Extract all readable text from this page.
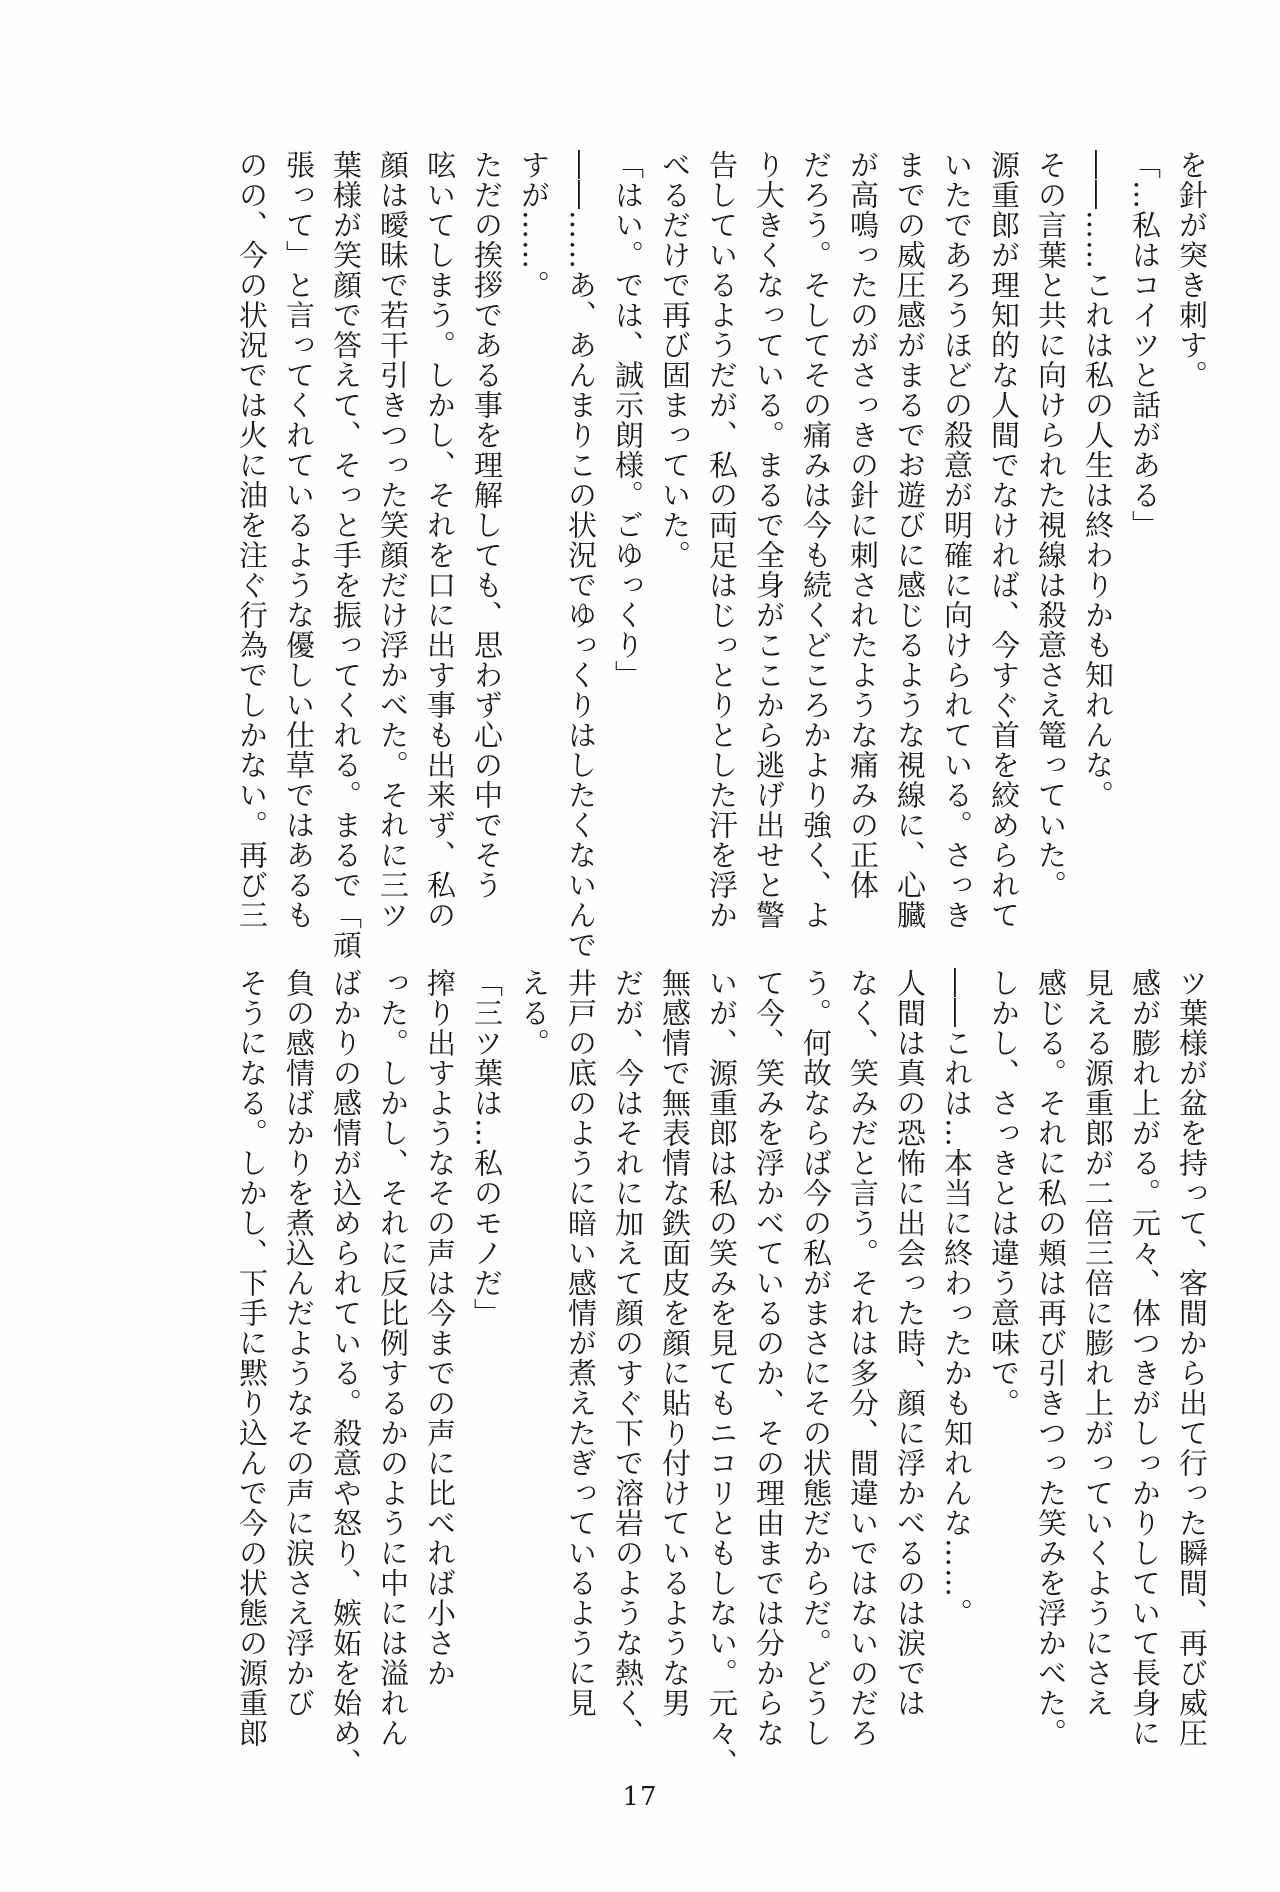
を針が突き刺す。
「…私はコイツと話がある」
――……これは私の人生は終わりかも知れんな。
その言葉と共に向けられた視線は殺意さえ篭っていた。
源重郎が理知的な人間でなければ、今すぐ首を絞められて
いたであろうほどの殺意が明確に向けられている。さっき
までの威圧感がまるでお遊びに感じるような視線に、心臓
が高鳴ったのがさっきの針に刺されたような痛みの正体
だろう。そしてその痛みは今も続くどころかより強く、よ
り大きくなっている。まるで全身がここから逃げ出せと警
告しているようだが、私の両足はじっとりとした汗を浮か
べるだけで再び固まっていた。
「はい。では、誠示朗様。ごゆっくり」
――……あ、あんまりこの状況でゆっくりはしたくないんで
すが……。
ただの挨拶である事を理解しても、思わず心の中でそう
呟いてしまう。しかし、それを口に出す事も出来ず、私の
顔は曖昧で若干引きつった笑顔だけ浮かべた。それに三ツ
葉様が笑顔で答えて、そっと手を振ってくれる。まるで「頑
張って」と言ってくれているような優しい仕草ではあるも
のの、今の状況では火に油を注ぐ行為でしかない。再び三
ツ葉様が盆を持って、客間から出て行った瞬間、再び威圧
感が膨れ上がる。元々、体つきがしっかりしていて長身に
見える源重郎が二倍三倍に膨れ上がっていくようにさえ
感じる。それに私の頬は再び引きつった笑みを浮かべた。
しかし、さっきとは違う意味で。
――これは…本当に終わったかも知れんな……。
人間は真の恐怖に出会った時、顔に浮かべるのは涙では
なく、笑みだと言う。それは多分、間違いではないのだろ
う。何故ならば今の私がまさにその状態だからだ。どうし
て今、笑みを浮かべているのか、その理由までは分からな
いが、源重郎は私の笑みを見てもニコリともしない。元々、
無感情で無表情な鉄面皮を顔に貼り付けているような男
だが、今はそれに加えて顔のすぐ下で溶岩のような熱く、
井戸の底のように暗い感情が煮えたぎっているように見
える。
「三ツ葉は…私のモノだ」
搾り出すようなその声は今までの声に比べれば小さか
った。しかし、それに反比例するかのように中には溢れん
ばかりの感情が込められている。殺意や怒り、嫉妬を始め、
負の感情ばかりを煮込んだようなその声に涙さえ浮かび
そうになる。しかし、下手に黙り込んで今の状態の源重郎
17
